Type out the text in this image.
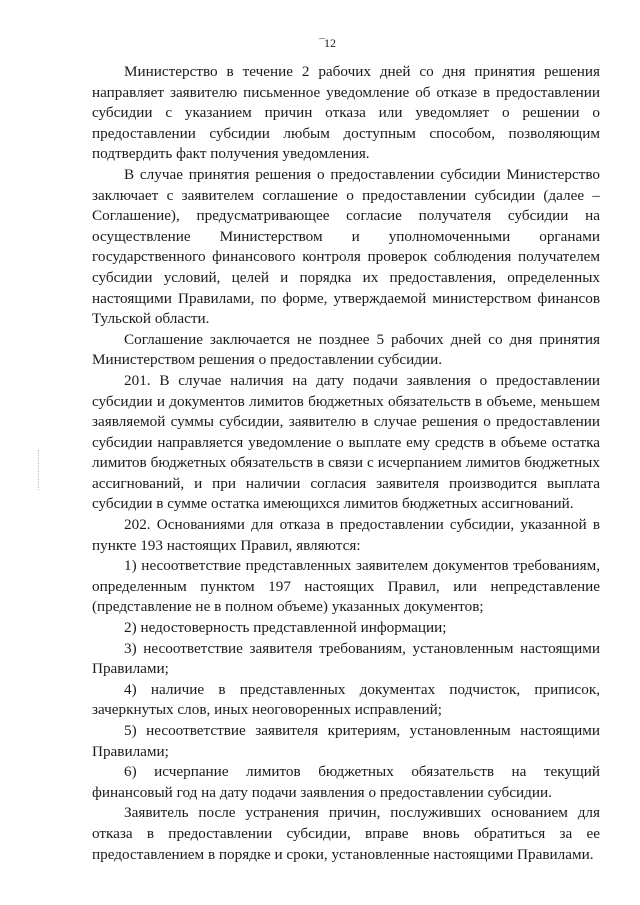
12

Министерство в течение 2 рабочих дней со дня принятия решения направляет заявителю письменное уведомление об отказе в предоставлении субсидии с указанием причин отказа или уведомляет о решении о предоставлении субсидии любым доступным способом, позволяющим подтвердить факт получения уведомления.

В случае принятия решения о предоставлении субсидии Министерство заключает с заявителем соглашение о предоставлении субсидии (далее – Соглашение), предусматривающее согласие получателя субсидии на осуществление Министерством и уполномоченными органами государственного финансового контроля проверок соблюдения получателем субсидии условий, целей и порядка их предоставления, определенных настоящими Правилами, по форме, утверждаемой министерством финансов Тульской области.

Соглашение заключается не позднее 5 рабочих дней со дня принятия Министерством решения о предоставлении субсидии.

201. В случае наличия на дату подачи заявления о предоставлении субсидии и документов лимитов бюджетных обязательств в объеме, меньшем заявляемой суммы субсидии, заявителю в случае решения о предоставлении субсидии направляется уведомление о выплате ему средств в объеме остатка лимитов бюджетных обязательств в связи с исчерпанием лимитов бюджетных ассигнований, и при наличии согласия заявителя производится выплата субсидии в сумме остатка имеющихся лимитов бюджетных ассигнований.

202. Основаниями для отказа в предоставлении субсидии, указанной в пункте 193 настоящих Правил, являются:

1) несоответствие представленных заявителем документов требованиям, определенным пунктом 197 настоящих Правил, или непредставление (представление не в полном объеме) указанных документов;

2) недостоверность представленной информации;

3) несоответствие заявителя требованиям, установленным настоящими Правилами;

4) наличие в представленных документах подчисток, приписок, зачеркнутых слов, иных неоговоренных исправлений;

5) несоответствие заявителя критериям, установленным настоящими Правилами;

6) исчерпание лимитов бюджетных обязательств на текущий финансовый год на дату подачи заявления о предоставлении субсидии.

Заявитель после устранения причин, послуживших основанием для отказа в предоставлении субсидии, вправе вновь обратиться за ее предоставлением в порядке и сроки, установленные настоящими Правилами.
